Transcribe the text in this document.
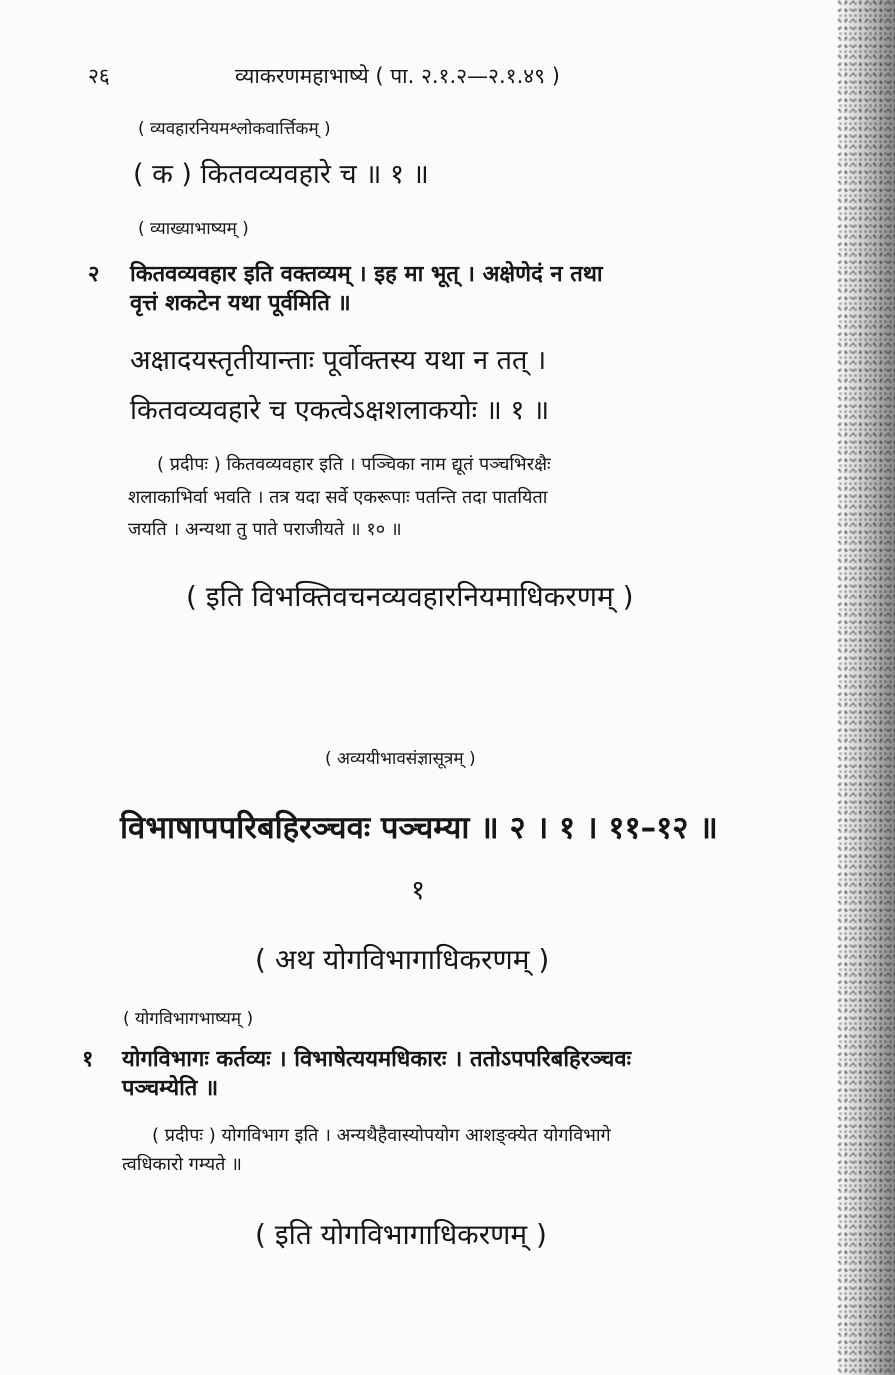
२६	व्याकरणमहाभाष्ये ( पा. २.१.२—२.१.४९ )
( व्यवहारनियमश्लोकवार्त्तिकम् )
( क ) कितवव्यवहारे च ॥ १ ॥
( व्याख्याभाष्यम् )
२ कितवव्यवहार इति वक्तव्यम् । इह मा भूत् । अक्षेणेदं न तथा
वृत्तं शकटेन यथा पूर्वमिति ॥
अक्षादयस्तृतीयान्ताः पूर्वोक्तस्य यथा न तत् ।
कितवव्यवहारे च एकत्वेऽक्षशलाकयोः ॥ १ ॥
( प्रदीपः ) कितवव्यवहार इति । पञ्चिका नाम द्यूतं पञ्चभिरक्षैः
शलाकाभिर्वा भवति । तत्र यदा सर्वे एकरूपाः पतन्ति तदा पातयिता
जयति । अन्यथा तु पाते पराजीयते ॥ १० ॥
( इति विभक्तिवचनव्यवहारनियमाधिकरणम् )
( अव्ययीभावसंज्ञासूत्रम् )
विभाषापपरिबहिरञ्चवः पञ्चम्या ॥ २ । १ । ११–१२ ॥
१
( अथ योगविभागाधिकरणम् )
( योगविभागभाष्यम् )
१ योगविभागः कर्तव्यः । विभाषेत्ययमधिकारः । ततोऽपपरिबहिरञ्चवः
पञ्चम्येति ॥
( प्रदीपः ) योगविभाग इति । अन्यथैहैवास्योपयोग आशङ्क्येत योगविभागे
त्वधिकारो गम्यते ॥
( इति योगविभागाधिकरणम् )
